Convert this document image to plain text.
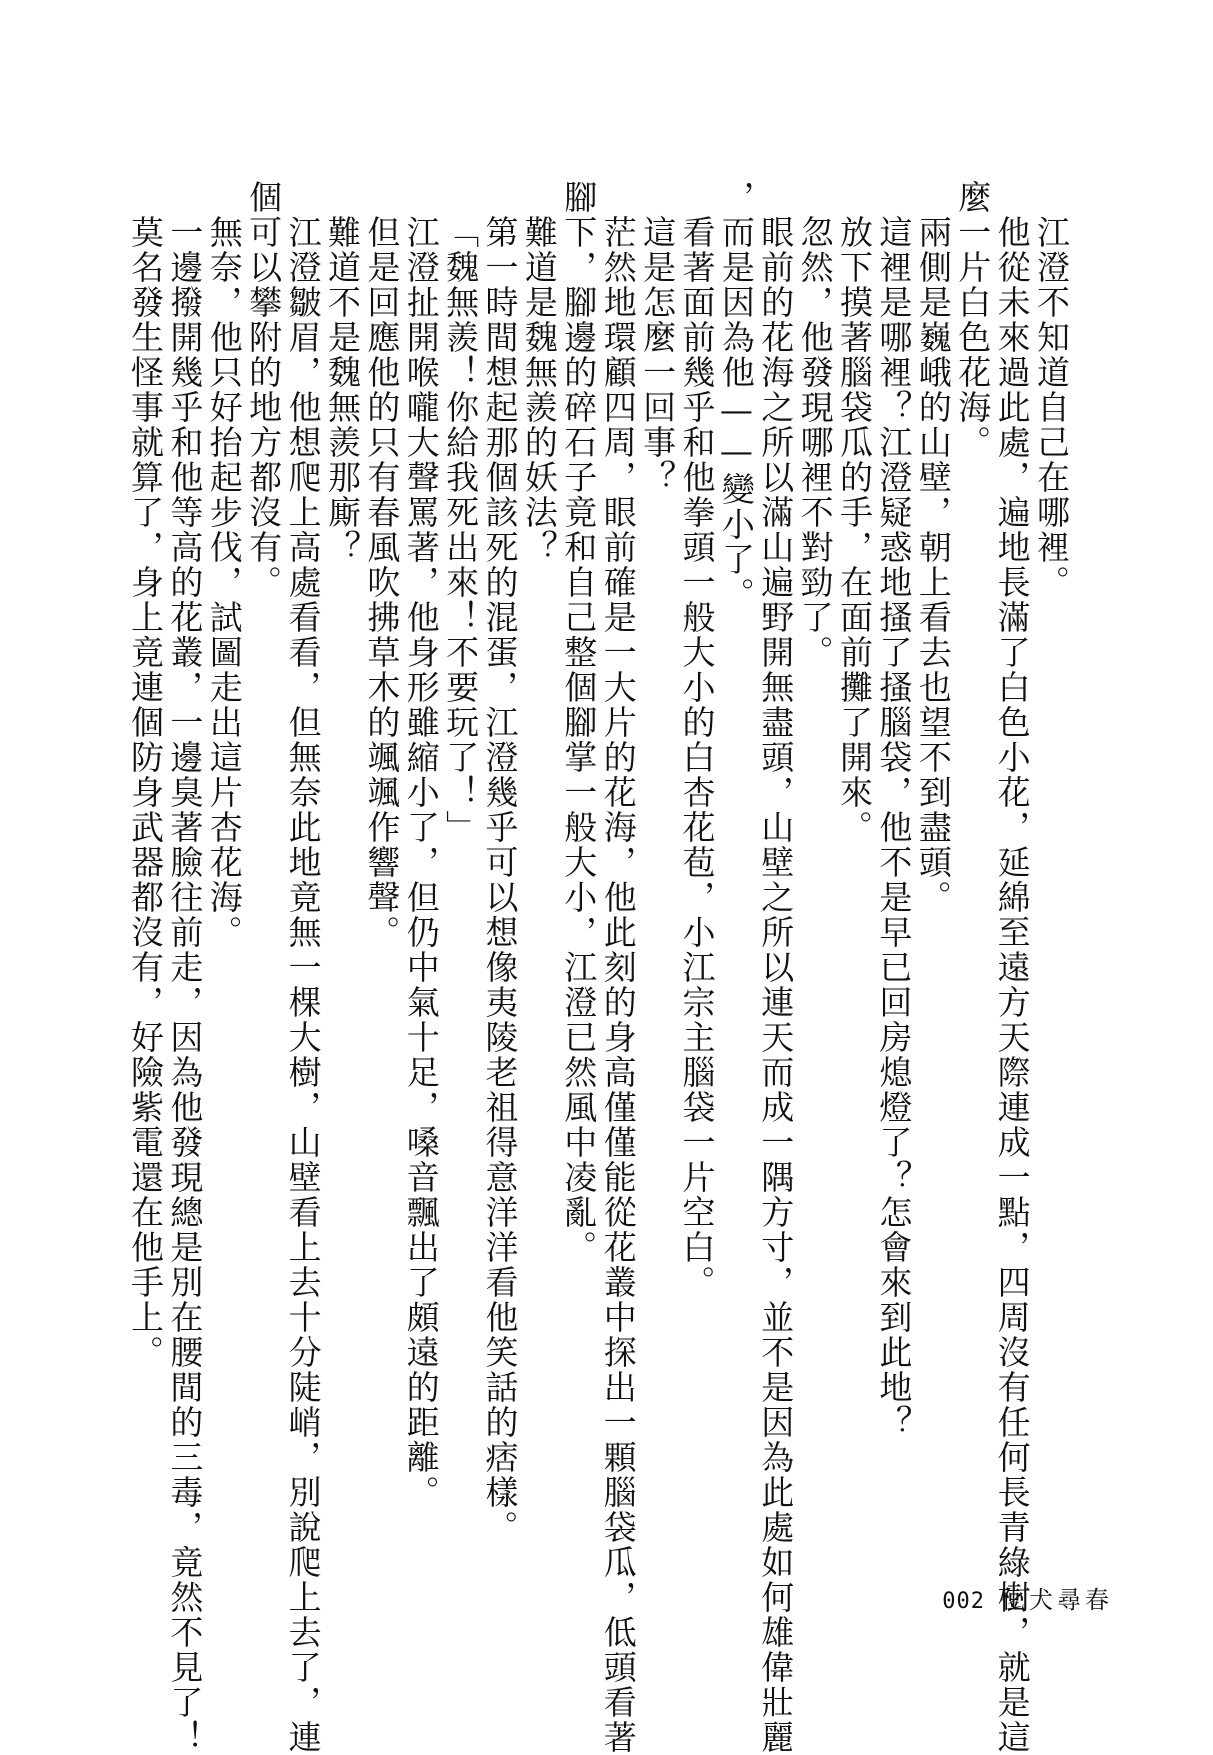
江澄不知道自己在哪裡。
他從未來過此處，遍地長滿了白色小花，延綿至遠方天際連成一點，四周沒有任何長青綠樹，就是這
麼一片白色花海。
兩側是巍峨的山壁，朝上看去也望不到盡頭。
這裡是哪裡？江澄疑惑地搔了搔腦袋，他不是早已回房熄燈了？怎會來到此地？
放下摸著腦袋瓜的手，在面前攤了開來。
忽然，他發現哪裡不對勁了。
眼前的花海之所以滿山遍野開無盡頭，山壁之所以連天而成一隅方寸，並不是因為此處如何雄偉壯麗
，而是因為他——變小了。
看著面前幾乎和他拳頭一般大小的白杏花苞，小江宗主腦袋一片空白。
這是怎麼一回事？
茫然地環顧四周，眼前確是一大片的花海，他此刻的身高僅僅能從花叢中探出一顆腦袋瓜，低頭看著
腳下，腳邊的碎石子竟和自己整個腳掌一般大小，江澄已然風中凌亂。
難道是魏無羨的妖法？
第一時間想起那個該死的混蛋，江澄幾乎可以想像夷陵老祖得意洋洋看他笑話的痞樣。
「魏無羨！你給我死出來！不要玩了！」
江澄扯開喉嚨大聲罵著，他身形雖縮小了，但仍中氣十足，嗓音飄出了頗遠的距離。
但是回應他的只有春風吹拂草木的颯颯作響聲。
難道不是魏無羨那廝？
江澄皺眉，他想爬上高處看看，但無奈此地竟無一棵大樹，山壁看上去十分陡峭，別說爬上去了，連
個可以攀附的地方都沒有。
無奈，他只好抬起步伐，試圖走出這片杏花海。
一邊撥開幾乎和他等高的花叢，一邊臭著臉往前走，因為他發現總是別在腰間的三毒，竟然不見了！
莫名發生怪事就算了，身上竟連個防身武器都沒有，好險紫電還在他手上。
002 化犬尋春
